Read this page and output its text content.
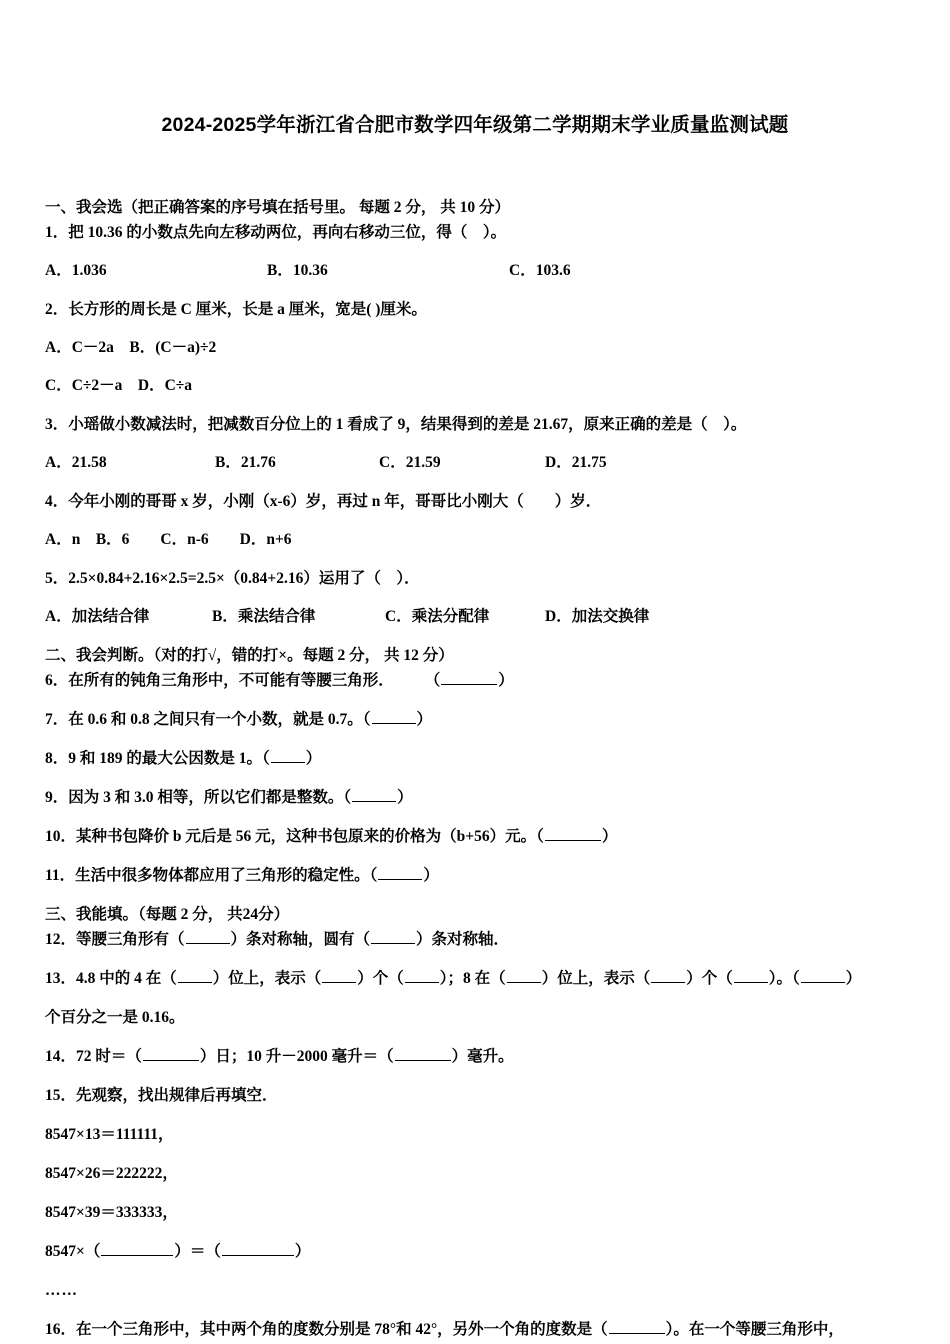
2024-2025学年浙江省合肥市数学四年级第二学期期末学业质量监测试题
一、我会选（把正确答案的序号填在括号里。 每题 2 分， 共 10 分）
1．把 10.36 的小数点先向左移动两位，再向右移动三位，得（　）。
A．1.036	B．10.36	C．103.6
2．长方形的周长是 C 厘米，长是 a 厘米，宽是( )厘米。
A．C－2a　B．(C－a)÷2
C．C÷2－a　D．C÷a
3．小瑶做小数减法时，把减数百分位上的 1 看成了 9，结果得到的差是 21.67，原来正确的差是（　）。
A．21.58	B．21.76	C．21.59	D．21.75
4．今年小刚的哥哥 x 岁，小刚（x‑6）岁，再过 n 年，哥哥比小刚大（　　）岁．
A．n　B．6　　C．n‑6　　D．n+6
5．2.5×0.84+2.16×2.5=2.5×（0.84+2.16）运用了（　）．
A．加法结合律	B．乘法结合律	C．乘法分配律	D．加法交换律
二、我会判断。（对的打√，错的打×。每题 2 分， 共 12 分）
6．在所有的钝角三角形中，不可能有等腰三角形．　　　（	）
7．在 0.6 和 0.8 之间只有一个小数，就是 0.7。（	）
8．9 和 189 的最大公因数是 1。（ ）
9．因为 3 和 3.0 相等，所以它们都是整数。（	）
10．某种书包降价 b 元后是 56 元，这种书包原来的价格为（b+56）元。（	）
11．生活中很多物体都应用了三角形的稳定性。（	）
三、我能填。（每题 2 分， 共24分）
12．等腰三角形有（	）条对称轴，圆有（	）条对称轴．
13．4.8 中的 4 在（ ）位上，表示（ ）个（ ）；8 在（ ）位上，表示（ ）个（ ）。（	）
个百分之一是 0.16。
14．72 时＝（	）日；10 升－2000 毫升＝（	）毫升。
15．先观察，找出规律后再填空．
8547×13＝111111，
8547×26＝222222，
8547×39＝333333，
8547×（	）＝（	）
……
16．在一个三角形中，其中两个角的度数分别是 78°和 42°，另外一个角的度数是（	）。在一个等腰三角形中，
